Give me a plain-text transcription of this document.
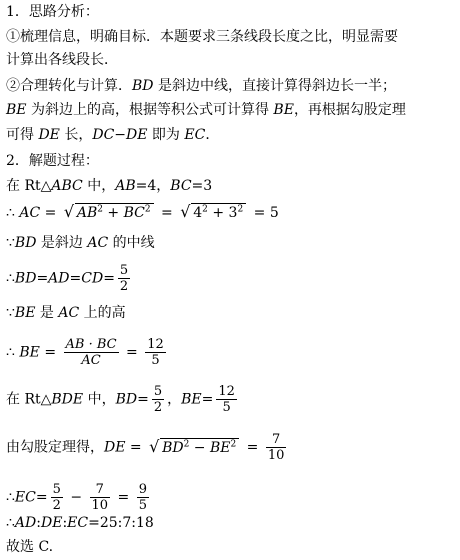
1．思路分析：
①梳理信息，明确目标．本题要求三条线段长度之比，明显需要
计算出各线段长．
②合理转化与计算．BD 是斜边中线，直接计算得斜边长一半；
BE 为斜边上的高，根据等积公式可计算得 BE，再根据勾股定理
可得 DE 长，DC−DE 即为 EC．
2．解题过程：
在 Rt△ABC 中，AB=4，BC=3
∴ AC = √ $AB^2 + BC^2$ = √ $4^2 + 3^2 = 5$
∵BD 是斜边 AC 的中线
∴BD=AD=CD= $\frac{5}{2}$
∵BE 是 AC 上的高
∴ BE = $\frac{AB \cdot BC}{AC} = \frac{12}{5}$
在 Rt△BDE 中，$BD= \frac{5}{2}$ ，$BE= \frac{12}{5}$
由勾股定理得，DE = √ $BD^2 - BE^2 = \frac{7}{10}$
∴EC= $\frac{5}{2} - \frac{7}{10} = \frac{9}{5}$
∴AD:DE:EC=25:7:18
故选 C.
